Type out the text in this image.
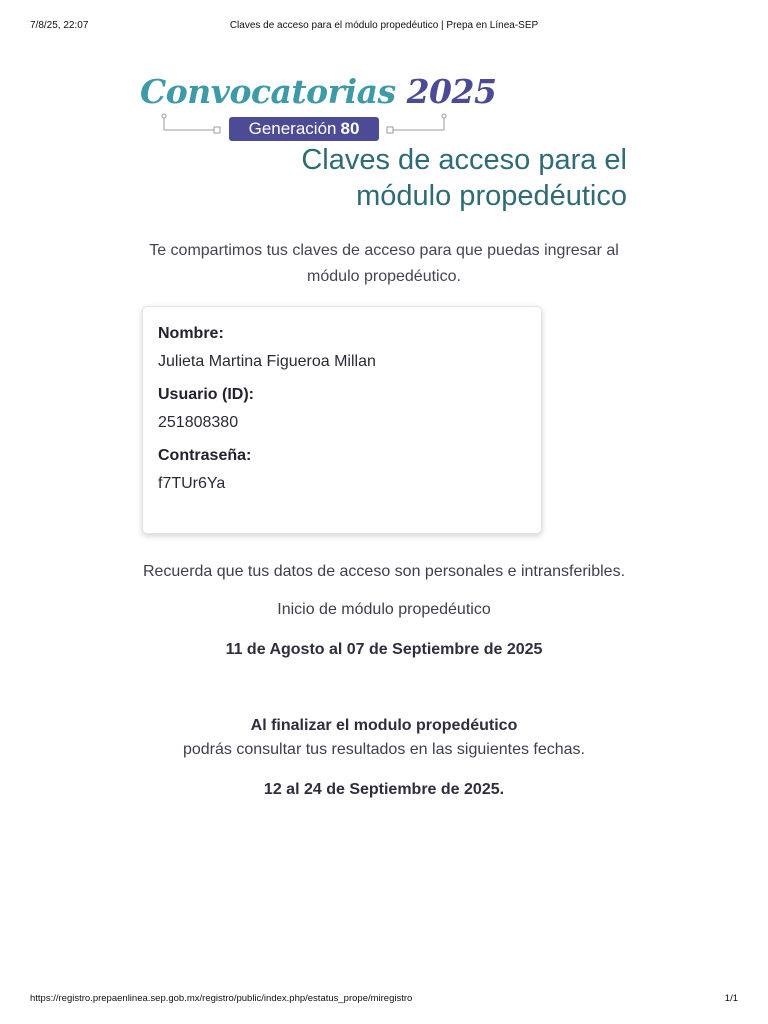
7/8/25, 22:07	Claves de acceso para el módulo propedéutico | Prepa en Línea-SEP
Convocatorias 2025
Generación 80
Claves de acceso para el
módulo propedéutico
Te compartimos tus claves de acceso para que puedas ingresar al módulo propedéutico.
Nombre:
Julieta Martina Figueroa Millan
Usuario (ID):
251808380
Contraseña:
f7TUr6Ya

Recuerda que tus datos de acceso son personales e intransferibles.

Inicio de módulo propedéutico

11 de Agosto al 07 de Septiembre de 2025

Al finalizar el modulo propedéutico

podrás consultar tus resultados en las siguientes fechas.

12 al 24 de Septiembre de 2025.

https://registro.prepaenlinea.sep.gob.mx/registro/public/index.php/estatus_prope/miregistro	1/1
